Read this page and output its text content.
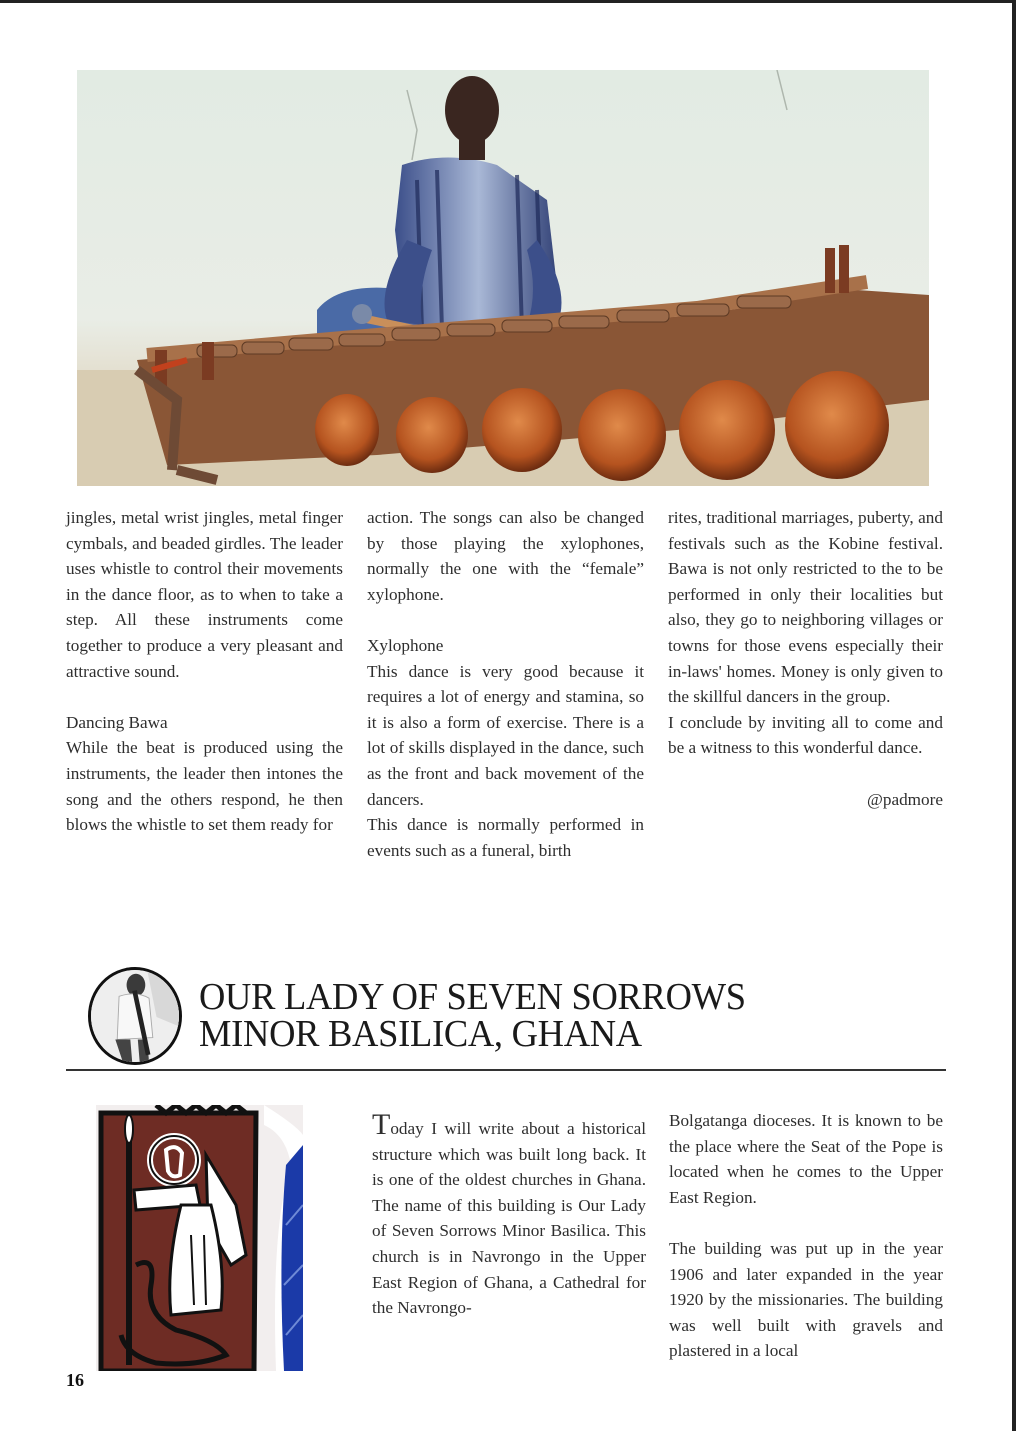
jingles, metal wrist jingles, metal finger cymbals, and beaded girdles. The leader uses whistle to control their movements in the dance floor, as to when to take a step. All these instruments come together to produce a very pleasant and attractive sound.

Dancing Bawa

While the beat is produced using the instruments, the leader then intones the song and the others respond, he then blows the whistle to set them ready for

action. The songs can also be changed by those playing the xylophones, normally the one with the “female” xylophone.

Xylophone

This dance is very good because it requires a lot of energy and stamina, so it is also a form of exercise. There is a lot of skills displayed in the dance, such as the front and back movement of the dancers.

This dance is normally performed in events such as a funeral, birth

rites, traditional marriages, puberty, and festivals such as the Kobine festival. Bawa is not only restricted to the to be performed in only their localities but also, they go to neighboring villages or towns for those evens especially their in-laws' homes. Money is only given to the skillful dancers in the group.

I conclude by inviting all to come and be a witness to this wonderful dance.

@padmore

OUR LADY OF SEVEN SORROWS
MINOR BASILICA, GHANA

Today I will write about a historical structure which was built long back. It is one of the oldest churches in Ghana. The name of this building is Our Lady of Seven Sorrows Minor Basilica. This church is in Navrongo in the Upper East Region of Ghana, a Cathedral for the Navrongo-

Bolgatanga dioceses. It is known to be the place where the Seat of the Pope is located when he comes to the Upper East Region.

The building was put up in the year 1906 and later expanded in the year 1920 by the missionaries. The building was well built with gravels and plastered in a local

16
